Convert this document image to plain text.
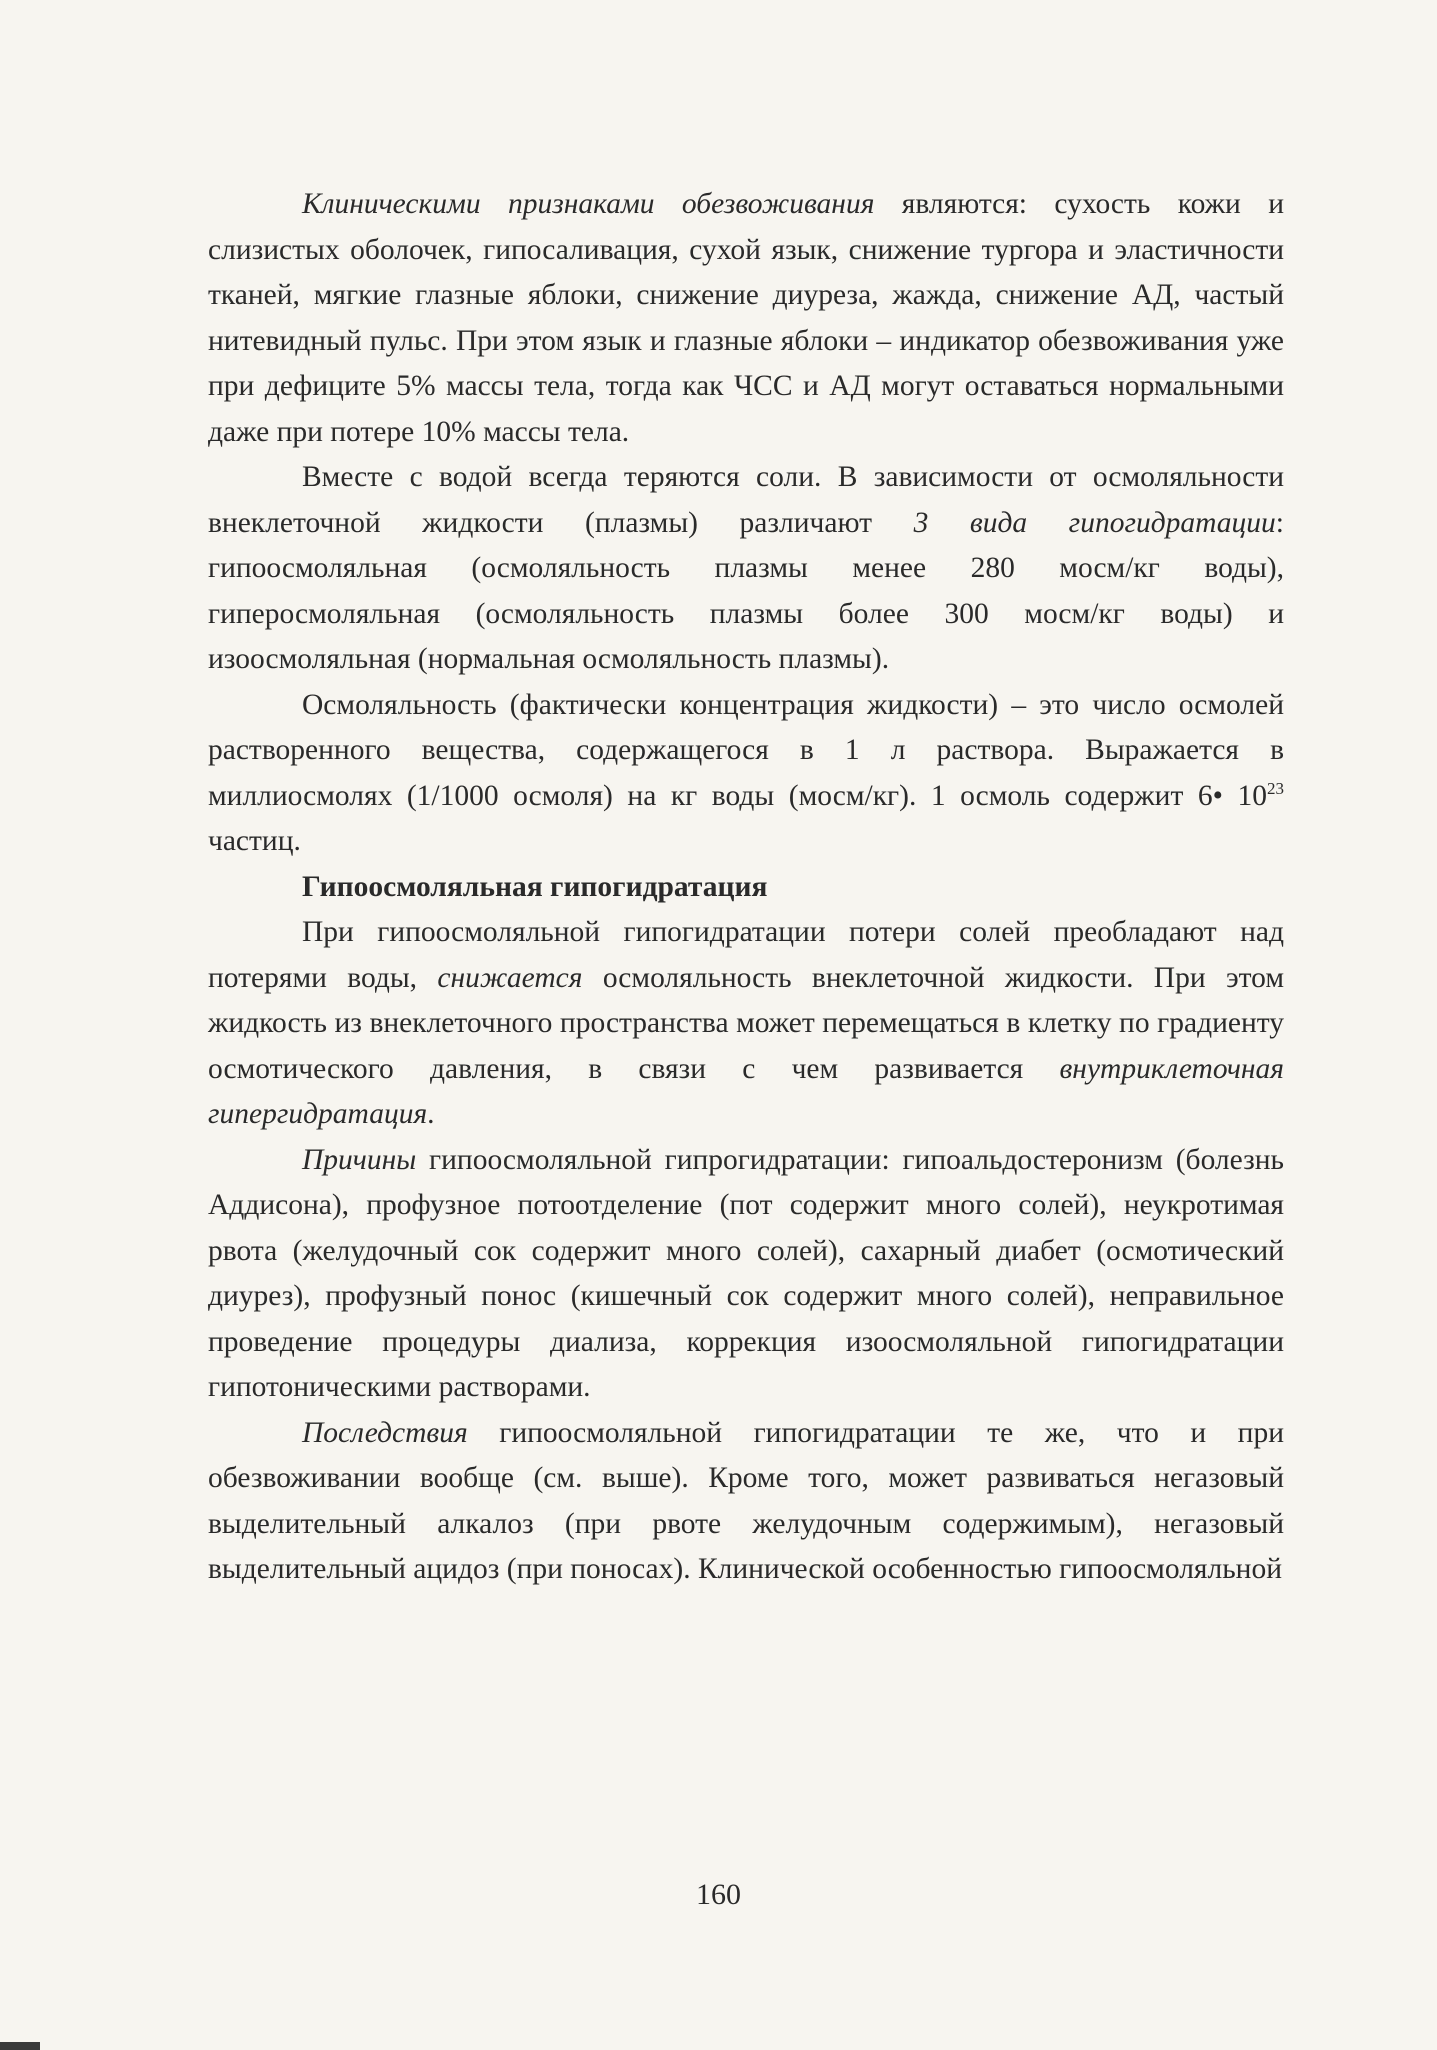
Клиническими признаками обезвоживания являются: сухость кожи и слизистых оболочек, гипосаливация, сухой язык, снижение тургора и эластичности тканей, мягкие глазные яблоки, снижение диуреза, жажда, снижение АД, частый нитевидный пульс. При этом язык и глазные яблоки – индикатор обезвоживания уже при дефиците 5% массы тела, тогда как ЧСС и АД могут оставаться нормальными даже при потере 10% массы тела.

Вместе с водой всегда теряются соли. В зависимости от осмоляльности внеклеточной жидкости (плазмы) различают 3 вида гипогидратации: гипоосмоляльная (осмоляльность плазмы менее 280 мосм/кг воды), гиперосмоляльная (осмоляльность плазмы более 300 мосм/кг воды) и изоосмоляльная (нормальная осмоляльность плазмы).

Осмоляльность (фактически концентрация жидкости) – это число осмолей растворенного вещества, содержащегося в 1 л раствора. Выражается в миллиосмолях (1/1000 осмоля) на кг воды (мосм/кг). 1 осмоль содержит 6• $10^{23}$ частиц.

Гипоосмоляльная гипогидратация

При гипоосмоляльной гипогидратации потери солей преобладают над потерями воды, снижается осмоляльность внеклеточной жидкости. При этом жидкость из внеклеточного пространства может перемещаться в клетку по градиенту осмотического давления, в связи с чем развивается внутриклеточная гипергидратация.

Причины гипоосмоляльной гипрогидратации: гипоальдостеронизм (болезнь Аддисона), профузное потоотделение (пот содержит много солей), неукротимая рвота (желудочный сок содержит много солей), сахарный диабет (осмотический диурез), профузный понос (кишечный сок содержит много солей), неправильное проведение процедуры диализа, коррекция изоосмоляльной гипогидратации гипотоническими растворами.

Последствия гипоосмоляльной гипогидратации те же, что и при обезвоживании вообще (см. выше). Кроме того, может развиваться негазовый выделительный алкалоз (при рвоте желудочным содержимым), негазовый выделительный ацидоз (при поносах). Клинической особенностью гипоосмоляльной

160
